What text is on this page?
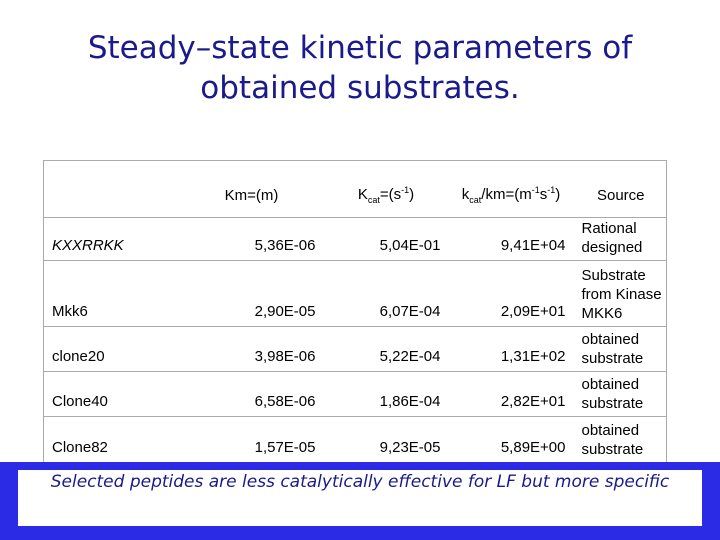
Steady–state kinetic parameters of
obtained substrates.
	Km=(m)	$K_{cat}=(s^{-1})$	$k_{cat}/km=(m^{-1}s^{-1})$	Source
KXXRRKK	5,36E-06	5,04E-01	9,41E+04	Rational
designed

Mkk6	2,90E-05	6,07E-04	2,09E+01	Substrate
from Kinase
MKK6

clone20	3,98E-06	5,22E-04	1,31E+02	obtained
substrate

Clone40	6,58E-06	1,86E-04	2,82E+01	obtained
substrate

Clone82	1,57E-05	9,23E-05	5,89E+00	obtained
substrate
Selected peptides are less catalytically effective for LF but more specific
